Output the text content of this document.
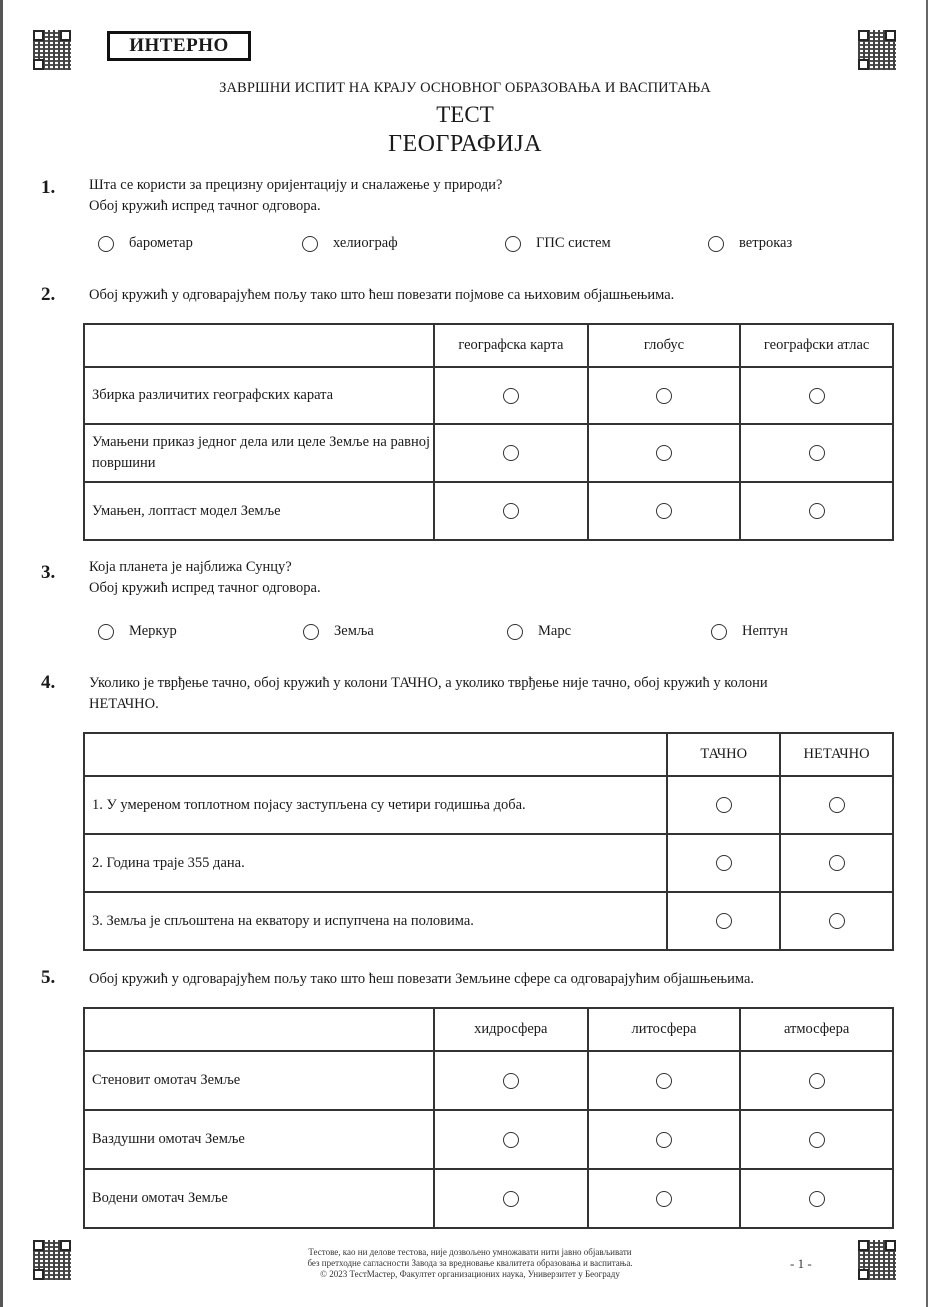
ИНТЕРНО
ЗАВРШНИ ИСПИТ НА КРАЈУ ОСНОВНОГ ОБРАЗОВАЊА И ВАСПИТАЊА
ТЕСТ
ГЕОГРАФИЈА
1. Шта се користи за прецизну оријентацију и сналажење у природи?
Обој кружић испред тачног одговора.
барометар	хелиограф	ГПС систем	ветроказ
2. Обој кружић у одговарајућем пољу тако што ћеш повезати појмове са њиховим објашњењима.
	географска карта	глобус	географски атлас
Збирка различитих географских карата			
Умањени приказ једног дела или целе Земље на равној површини			
Умањен, лоптаст модел Земље			
3. Која планета је најближа Сунцу?
Обој кружић испред тачног одговора.
Меркур	Земља	Марс	Нептун
4. Уколико је тврђење тачно, обој кружић у колони ТАЧНО, а уколико тврђење није тачно, обој кружић у колони
НЕТАЧНО.
	ТАЧНО	НЕТАЧНО
1. У умереном топлотном појасу заступљена су четири годишња доба.		
2. Година траје 355 дана.		
3. Земља је спљоштена на екватору и испупчена на половима.		
5. Обој кружић у одговарајућем пољу тако што ћеш повезати Земљине сфере са одговарајућим објашњењима.
	хидросфера	литосфера	атмосфера
Стеновит омотач Земље			
Ваздушни омотач Земље			
Водени омотач Земље			
Тестове, као ни делове тестова, није дозвољено умножавати нити јавно објављивати
без претходне сагласности Завода за вредновање квалитета образовања и васпитања.
© 2023 ТестМастер, Факултет организационих наука, Универзитет у Београду
- 1 -
